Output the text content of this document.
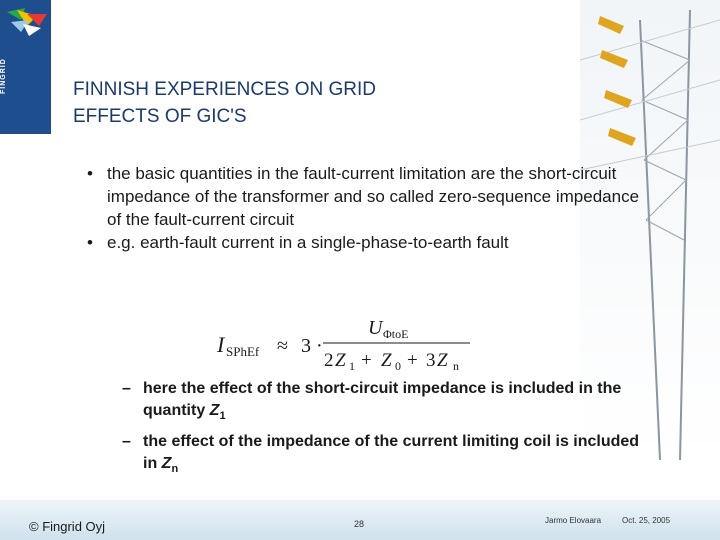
FINGRID	FINNISH EXPERIENCES ON GRID
EFFECTS OF GIC'S
• the basic quantities in the fault-current limitation are the short-circuit impedance of the transformer and so called zero-sequence impedance of the fault-current circuit
• e.g. earth-fault current in a single-phase-to-earth fault
I SPhEf ≈ 3 ·
U ΦtoE
2 Z 1 + Z 0 + 3 Z n
– here the effect of the short-circuit impedance is included in the quantity $Z_1$
– the effect of the impedance of the current limiting coil is included in $Z_n$
© Fingrid Oyj	28	Jarmo Elovaara	Oct. 25, 2005
